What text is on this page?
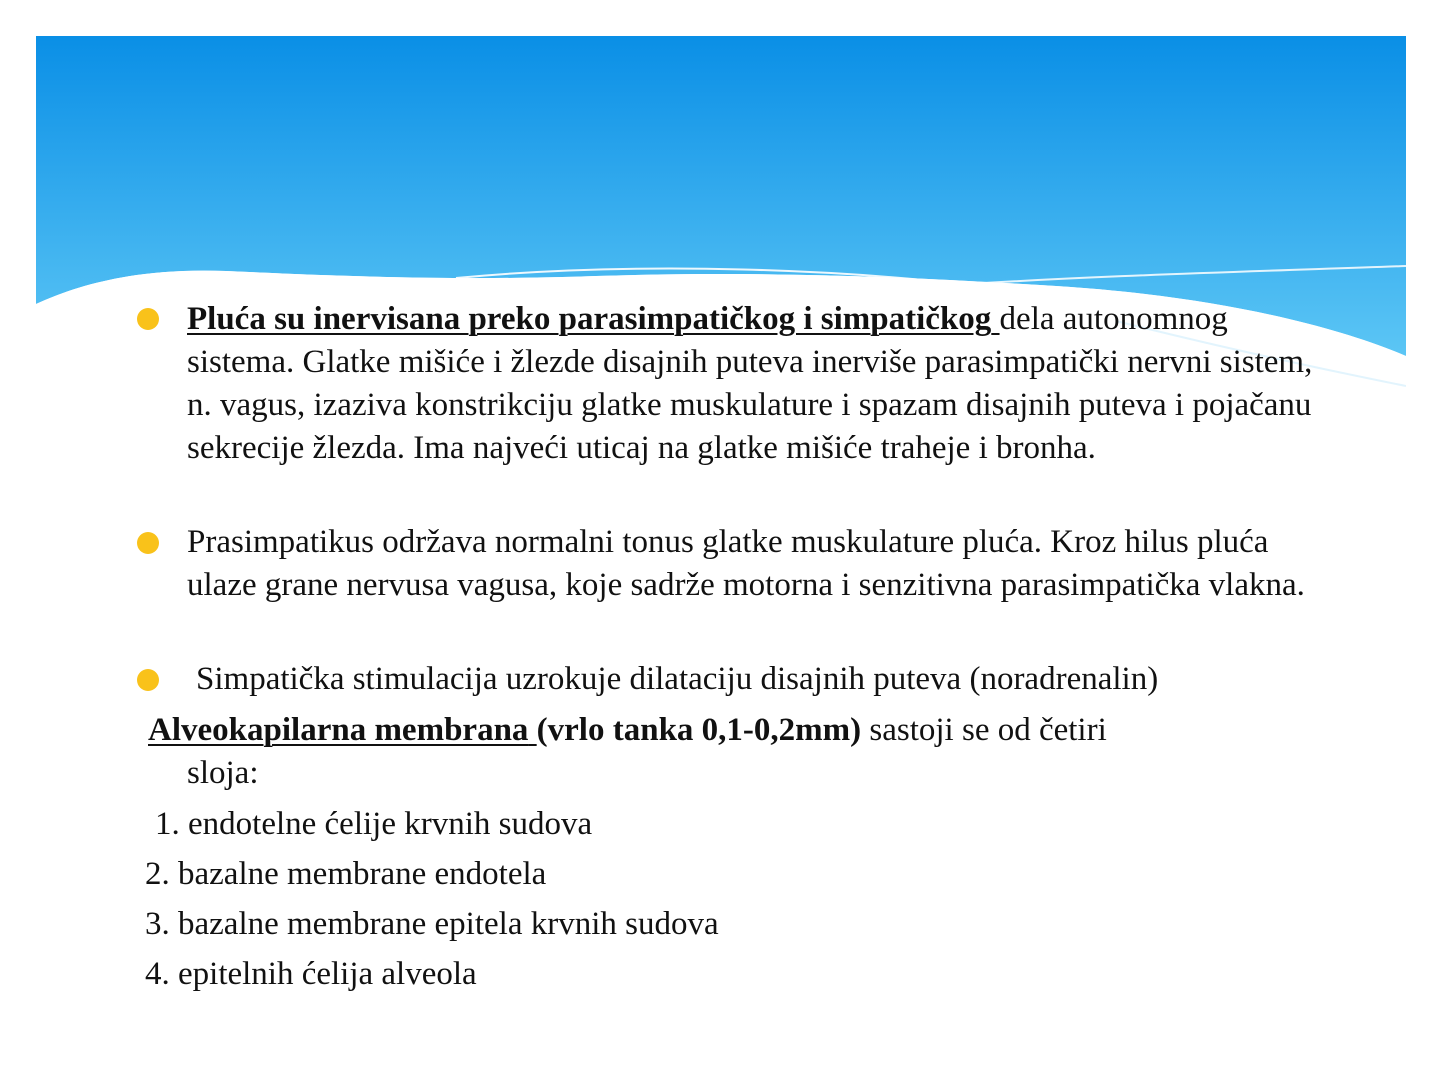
Pluća su inervisana preko parasimpatičkog i simpatičkog dela autonomnog sistema. Glatke mišiće i žlezde disajnih puteva inerviše parasimpatički nervni sistem, n. vagus, izaziva konstrikciju glatke muskulature i spazam disajnih puteva i pojačanu sekrecije žlezda. Ima najveći uticaj na glatke mišiće traheje i bronha.
Prasimpatikus održava normalni tonus glatke muskulature pluća. Kroz hilus pluća ulaze grane nervusa vagusa, koje sadrže motorna i senzitivna parasimpatička vlakna.
Simpatička stimulacija uzrokuje dilataciju disajnih puteva (noradrenalin)
Alveokapilarna membrana (vrlo tanka 0,1-0,2mm) sastoji se od četiri
sloja:
1. endotelne ćelije krvnih sudova
2. bazalne membrane endotela
3. bazalne membrane epitela krvnih sudova
4. epitelnih ćelija alveola
